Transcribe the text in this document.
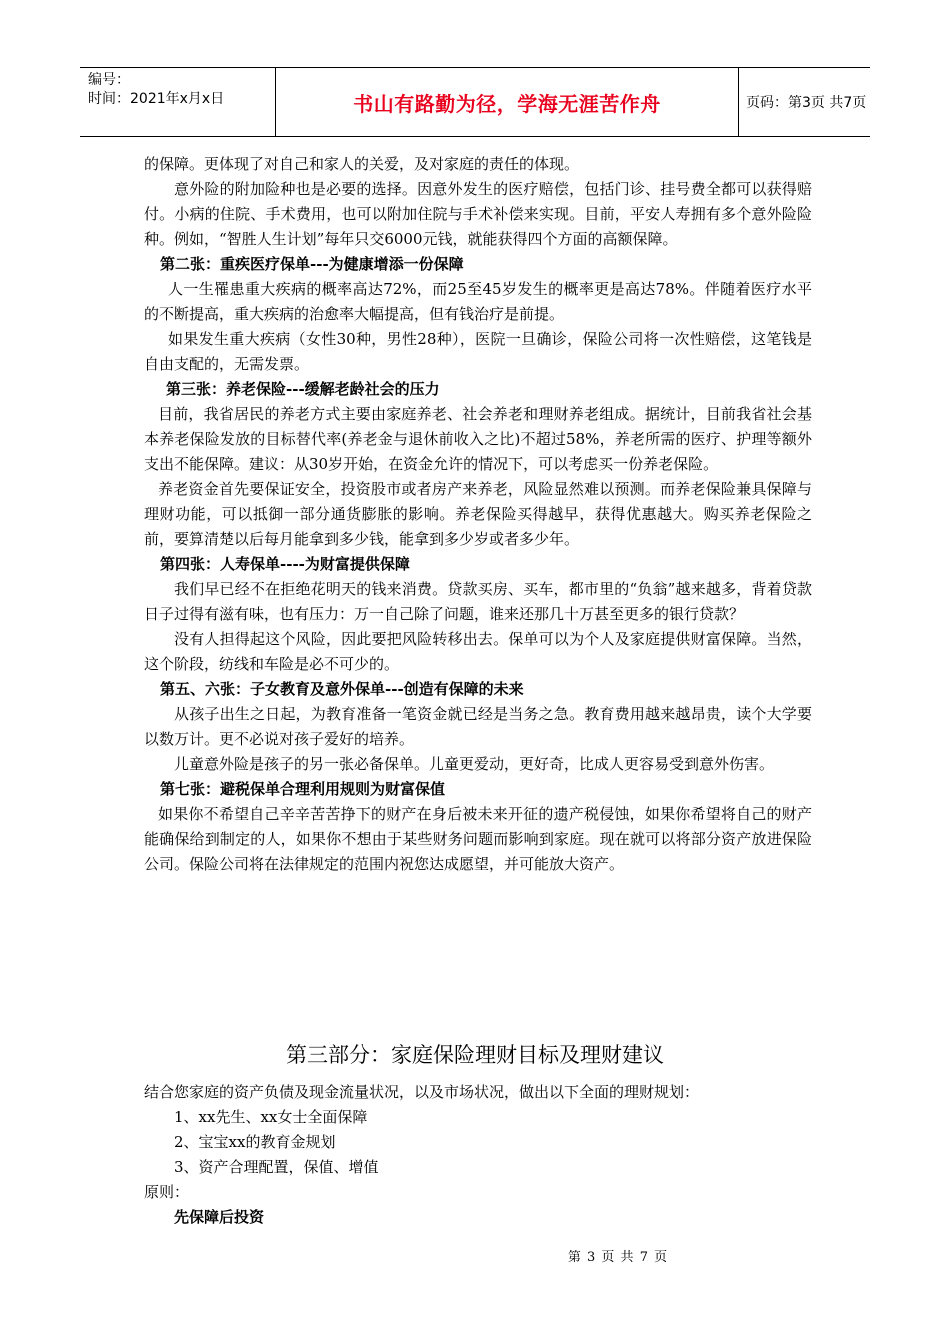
编号：
时间：2021年x月x日	书山有路勤为径，学海无涯苦作舟	页码：第3页 共7页

的保障。更体现了对自己和家人的关爱，及对家庭的责任的体现。

意外险的附加险种也是必要的选择。因意外发生的医疗赔偿，包括门诊、挂号费全都可以获得赔付。小病的住院、手术费用，也可以附加住院与手术补偿来实现。目前，平安人寿拥有多个意外险险种。例如，“智胜人生计划”每年只交6000元钱，就能获得四个方面的高额保障。

第二张：重疾医疗保单---为健康增添一份保障

人一生罹患重大疾病的概率高达72%，而25至45岁发生的概率更是高达78%。伴随着医疗水平的不断提高，重大疾病的治愈率大幅提高，但有钱治疗是前提。

如果发生重大疾病（女性30种，男性28种），医院一旦确诊，保险公司将一次性赔偿，这笔钱是自由支配的，无需发票。

第三张：养老保险---缓解老龄社会的压力

目前，我省居民的养老方式主要由家庭养老、社会养老和理财养老组成。据统计，目前我省社会基本养老保险发放的目标替代率(养老金与退休前收入之比)不超过58%，养老所需的医疗、护理等额外支出不能保障。建议：从30岁开始，在资金允许的情况下，可以考虑买一份养老保险。

养老资金首先要保证安全，投资股市或者房产来养老，风险显然难以预测。而养老保险兼具保障与理财功能，可以抵御一部分通货膨胀的影响。养老保险买得越早，获得优惠越大。购买养老保险之前，要算清楚以后每月能拿到多少钱，能拿到多少岁或者多少年。

第四张：人寿保单----为财富提供保障

我们早已经不在拒绝花明天的钱来消费。贷款买房、买车，都市里的“负翁”越来越多，背着贷款日子过得有滋有味，也有压力：万一自己除了问题，谁来还那几十万甚至更多的银行贷款？

没有人担得起这个风险，因此要把风险转移出去。保单可以为个人及家庭提供财富保障。当然，这个阶段，纺线和车险是必不可少的。

第五、六张：子女教育及意外保单---创造有保障的未来

从孩子出生之日起，为教育准备一笔资金就已经是当务之急。教育费用越来越昂贵，读个大学要以数万计。更不必说对孩子爱好的培养。

儿童意外险是孩子的另一张必备保单。儿童更爱动，更好奇，比成人更容易受到意外伤害。

第七张：避税保单合理利用规则为财富保值

如果你不希望自己辛辛苦苦挣下的财产在身后被未来开征的遗产税侵蚀，如果你希望将自己的财产能确保给到制定的人，如果你不想由于某些财务问题而影响到家庭。现在就可以将部分资产放进保险公司。保险公司将在法律规定的范围内祝您达成愿望，并可能放大资产。

第三部分：家庭保险理财目标及理财建议

结合您家庭的资产负债及现金流量状况，以及市场状况，做出以下全面的理财规划：

1、xx先生、xx女士全面保障

2、宝宝xx的教育金规划

3、资产合理配置，保值、增值

原则：

先保障后投资

第 3 页 共 7 页
